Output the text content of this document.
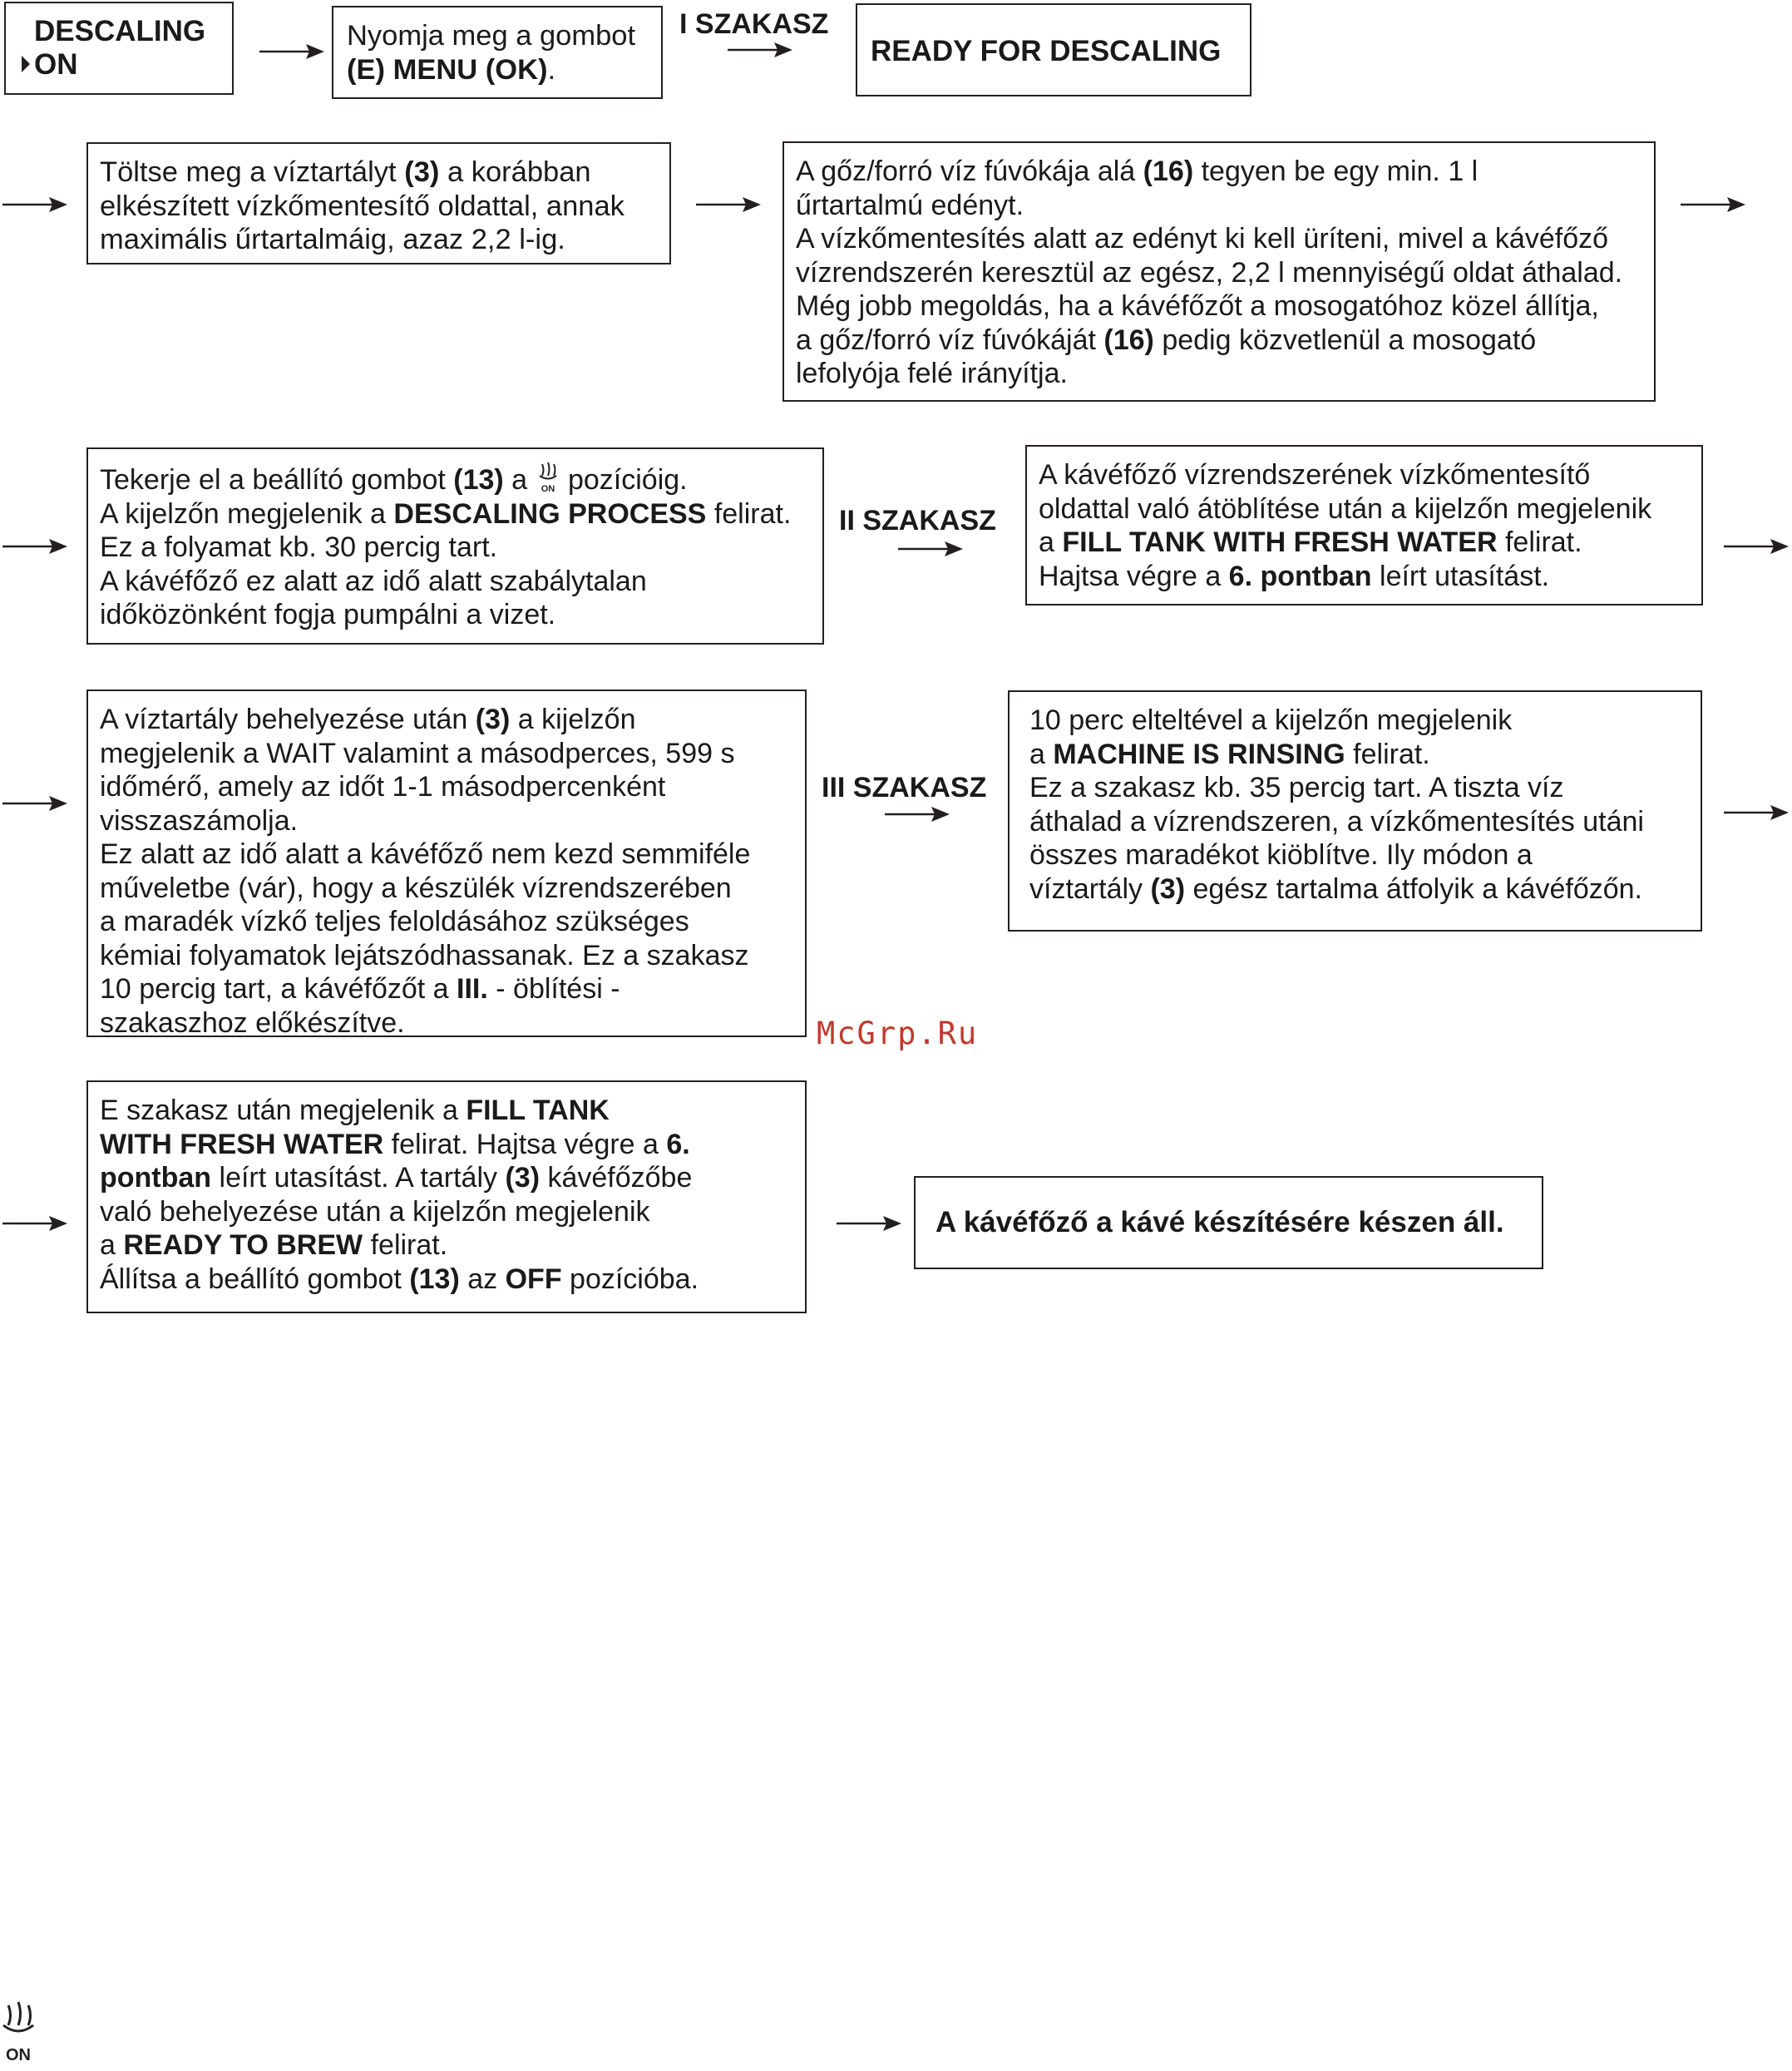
DESCALING
ON
Nyomja meg a gombot
(E) MENU (OK).
I SZAKASZ
READY FOR DESCALING
Töltse meg a víztartályt (3) a korábban
elkészített vízkőmentesítő oldattal, annak
maximális űrtartalmáig, azaz 2,2 l-ig.
A gőz/forró víz fúvókája alá (16) tegyen be egy min. 1 l
űrtartalmú edényt.
A vízkőmentesítés alatt az edényt ki kell üríteni, mivel a kávéfőző
vízrendszerén keresztül az egész, 2,2 l mennyiségű oldat áthalad.
Még jobb megoldás, ha a kávéfőzőt a mosogatóhoz közel állítja,
a gőz/forró víz fúvókáját (16) pedig közvetlenül a mosogató
lefolyója felé irányítja.
Tekerje el a beállító gombot (13) a ON pozícióig.
A kijelzőn megjelenik a DESCALING PROCESS felirat.
Ez a folyamat kb. 30 percig tart.
A kávéfőző ez alatt az idő alatt szabálytalan
időközönként fogja pumpálni a vizet.
II SZAKASZ
A kávéfőző vízrendszerének vízkőmentesítő
oldattal való átöblítése után a kijelzőn megjelenik
a FILL TANK WITH FRESH WATER felirat.
Hajtsa végre a 6. pontban leírt utasítást.
A víztartály behelyezése után (3) a kijelzőn
megjelenik a WAIT valamint a másodperces, 599 s
időmérő, amely az időt 1-1 másodpercenként
visszaszámolja.
Ez alatt az idő alatt a kávéfőző nem kezd semmiféle
műveletbe (vár), hogy a készülék vízrendszerében
a maradék vízkő teljes feloldásához szükséges
kémiai folyamatok lejátszódhassanak. Ez a szakasz
10 percig tart, a kávéfőzőt a III. - öblítési -
szakaszhoz előkészítve.
III SZAKASZ
10 perc elteltével a kijelzőn megjelenik
a MACHINE IS RINSING felirat.
Ez a szakasz kb. 35 percig tart. A tiszta víz
áthalad a vízrendszeren, a vízkőmentesítés utáni
összes maradékot kiöblítve. Ily módon a
víztartály (3) egész tartalma átfolyik a kávéfőzőn.
McGrp.Ru
E szakasz után megjelenik a FILL TANK
WITH FRESH WATER felirat. Hajtsa végre a 6.
pontban leírt utasítást. A tartály (3) kávéfőzőbe
való behelyezése után a kijelzőn megjelenik
a READY TO BREW felirat.
Állítsa a beállító gombot (13) az OFF pozícióba.
A kávéfőző a kávé készítésére készen áll.
ON
